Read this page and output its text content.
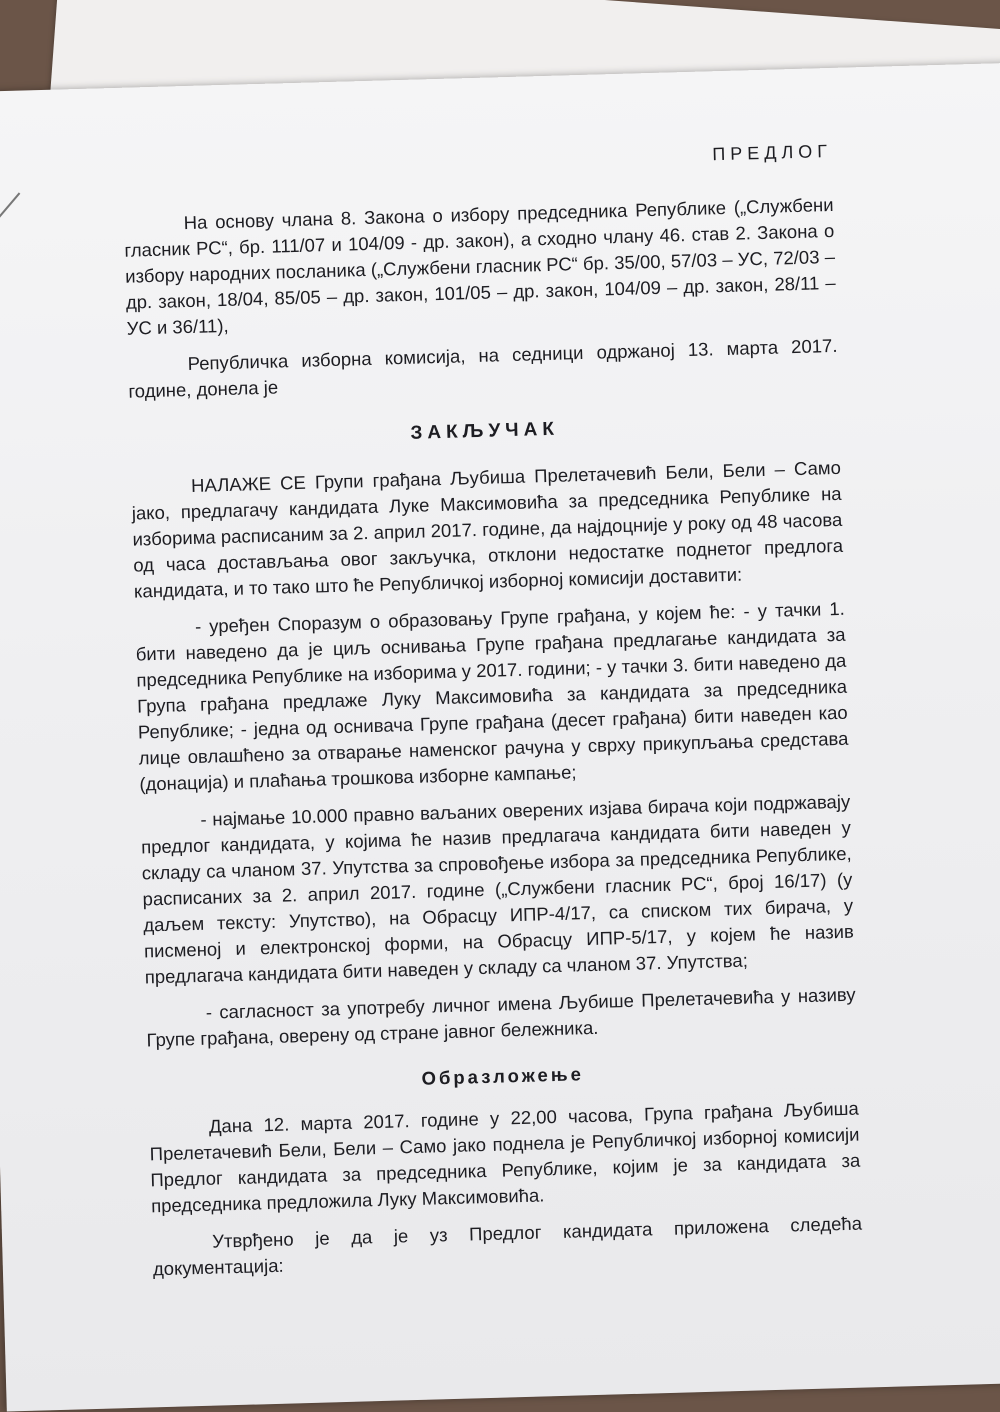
ПРЕДЛОГ

На основу члана 8. Закона о избору председника Републике („Службени гласник РС“, бр. 111/07 и 104/09 - др. закон), а сходно члану 46. став 2. Закона о избору народних посланика („Службени гласник РС“ бр. 35/00, 57/03 – УС, 72/03 – др. закон, 18/04, 85/05 – др. закон, 101/05 – др. закон, 104/09 – др. закон, 28/11 – УС и 36/11),

Републичка изборна комисија, на седници одржаној 13. марта 2017. године, донела је

ЗАКЉУЧАК

НАЛАЖЕ СЕ Групи грађана Љубиша Прелетачевић Бели, Бели – Само јако, предлагачу кандидата Луке Максимовића за председника Републике на изборима расписаним за 2. април 2017. године, да најдоцније у року од 48 часова од часа достављања овог закључка, отклони недостатке поднетог предлога кандидата, и то тако што ће Републичкој изборној комисији доставити:

- уређен Споразум о образовању Групе грађана, у којем ће: - у тачки 1. бити наведено да је циљ оснивања Групе грађана предлагање кандидата за председника Републике на изборима у 2017. години; - у тачки 3. бити наведено да Група грађана предлаже Луку Максимовића за кандидата за председника Републике; - једна од оснивача Групе грађана (десет грађана) бити наведен као лице овлашћено за отварање наменског рачуна у сврху прикупљања средстава (донација) и плаћања трошкова изборне кампање;

- најмање 10.000 правно ваљаних оверених изјава бирача који подржавају предлог кандидата, у којима ће назив предлагача кандидата бити наведен у складу са чланом 37. Упутства за спровођење избора за председника Републике, расписаних за 2. април 2017. године („Службени гласник РС“, број 16/17) (у даљем тексту: Упутство), на Обрасцу ИПР-4/17, са списком тих бирача, у писменој и електронској форми, на Обрасцу ИПР-5/17, у којем ће назив предлагача кандидата бити наведен у складу са чланом 37. Упутства;

- сагласност за употребу личног имена Љубише Прелетачевића у називу Групе грађана, оверену од стране јавног бележника.

Образложење

Дана 12. марта 2017. године у 22,00 часова, Група грађана Љубиша Прелетачевић Бели, Бели – Само јако поднела је Републичкој изборној комисији Предлог кандидата за председника Републике, којим је за кандидата за председника предложила Луку Максимовића.

Утврђено је да је уз Предлог кандидата приложена следећа документација:
